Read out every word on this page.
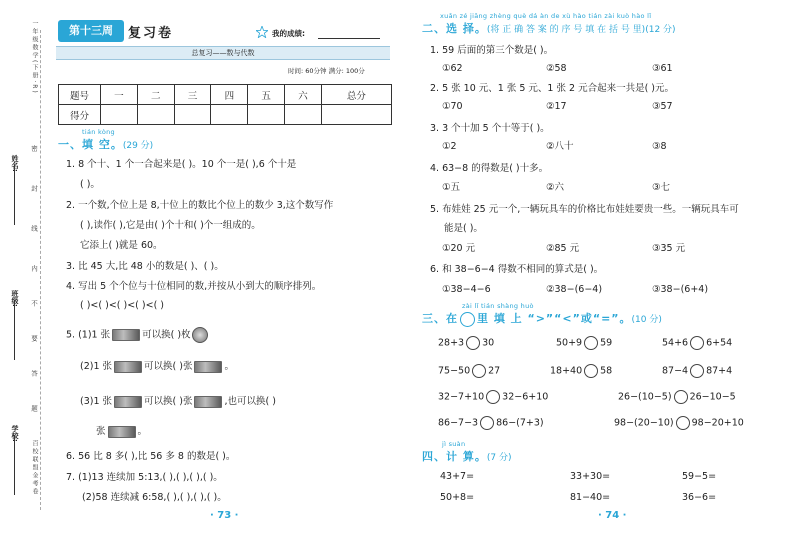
姓名:
班级:
学校:
一年级数学(下册·R)
密
封
线
内
不
要
答
题
百校联盟金考卷
第十三周	复习卷	我的成绩:
总复习——数与代数
时间: 60分钟 满分: 100分
题号	一	二	三	四	五	六	总分
得分							
tián kòng
一、填 空。(29 分)
1. 8 个十、1 个一合起来是( )。10 个一是( ),6 个十是
( )。
2. 一个数,个位上是 8,十位上的数比个位上的数少 3,这个数写作
( ),读作( ),它是由( )个十和( )个一组成的。
它添上( )就是 60。
3. 比 45 大,比 48 小的数是( )、( )。
4. 写出 5 个个位与十位相同的数,并按从小到大的顺序排列。
( )<( )<( )<( )<( )
5. (1)1 张	可以换( )枚
(2)1 张	可以换( )张	。
(3)1 张	可以换( )张	,也可以换( )
张	。
6. 56 比 8 多( ),比 56 多 8 的数是( )。
7. (1)13 连续加 5:13,( ),( ),( ),( )。
(2)58 连续减 6:58,( ),( ),( ),( )。
· 73 ·
xuǎn zé jiāng zhèng què dá àn de xù hào tián zài kuò hào lǐ
二、选 择。(将 正 确 答 案 的 序 号 填 在 括 号 里)(12 分)
1. 59 后面的第三个数是( )。
①62	②58	③61
2. 5 张 10 元、1 张 5 元、1 张 2 元合起来一共是( )元。
①70	②17	③57
3. 3 个十加 5 个十等于( )。
①2	②八十	③8
4. 63−8 的得数是( )十多。
①五	②六	③七
5. 布娃娃 25 元一个,一辆玩具车的价格比布娃娃要贵一些。一辆玩具车可
能是( )。
①20 元	②85 元	③35 元
6. 和 38−6−4 得数不相同的算式是( )。
①38−4−6	②38−(6−4)	③38−(6+4)
zài lǐ tián shàng huò
三、在 里 填 上 “>”“<”或“=”。(10 分)
28+3 30	50+9 59	54+6 6+54
75−50 27	18+40 58	87−4 87+4
32−7+10 32−6+10	26−(10−5) 26−10−5
86−7−3 86−(7+3)	98−(20−10) 98−20+10
jì suàn
四、计 算。(7 分)
43+7=	33+30=	59−5=
50+8=	81−40=	36−6=
· 74 ·
